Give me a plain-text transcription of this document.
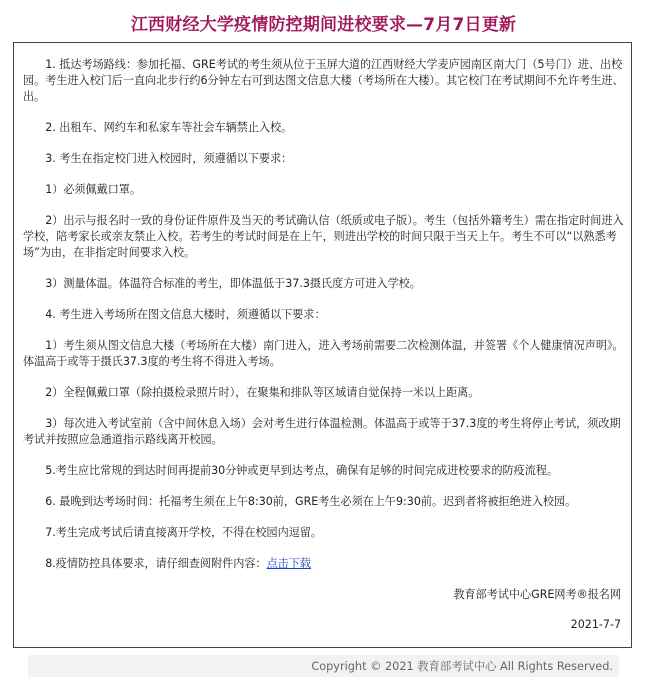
江西财经大学疫情防控期间进校要求—7月7日更新

1. 抵达考场路线：参加托福、GRE考试的考生须从位于玉屏大道的江西财经大学麦庐园南区南大门（5号门）进、出校园。考生进入校门后一直向北步行约6分钟左右可到达图文信息大楼（考场所在大楼）。其它校门在考试期间不允许考生进、出。

2. 出租车、网约车和私家车等社会车辆禁止入校。

3. 考生在指定校门进入校园时，须遵循以下要求：

1）必须佩戴口罩。

2）出示与报名时一致的身份证件原件及当天的考试确认信（纸质或电子版）。考生（包括外籍考生）需在指定时间进入学校，陪考家长或亲友禁止入校。若考生的考试时间是在上午，则进出学校的时间只限于当天上午。考生不可以“以熟悉考场”为由，在非指定时间要求入校。

3）测量体温。体温符合标准的考生，即体温低于37.3摄氏度方可进入学校。

4. 考生进入考场所在图文信息大楼时，须遵循以下要求：

1）考生须从图文信息大楼（考场所在大楼）南门进入，进入考场前需要二次检测体温，并签署《个人健康情况声明》。体温高于或等于摄氏37.3度的考生将不得进入考场。

2）全程佩戴口罩（除拍摄检录照片时），在聚集和排队等区域请自觉保持一米以上距离。

3）每次进入考试室前（含中间休息入场）会对考生进行体温检测。体温高于或等于37.3度的考生将停止考试，须改期考试并按照应急通道指示路线离开校园。

5.考生应比常规的到达时间再提前30分钟或更早到达考点，确保有足够的时间完成进校要求的防疫流程。

6. 最晚到达考场时间：托福考生须在上午8:30前，GRE考生必须在上午9:30前。迟到者将被拒绝进入校园。

7.考生完成考试后请直接离开学校，不得在校园内逗留。

8.疫情防控具体要求，请仔细查阅附件内容：点击下载

教育部考试中心GRE网考®报名网

2021-7-7

Copyright © 2021 教育部考试中心 All Rights Reserved.
